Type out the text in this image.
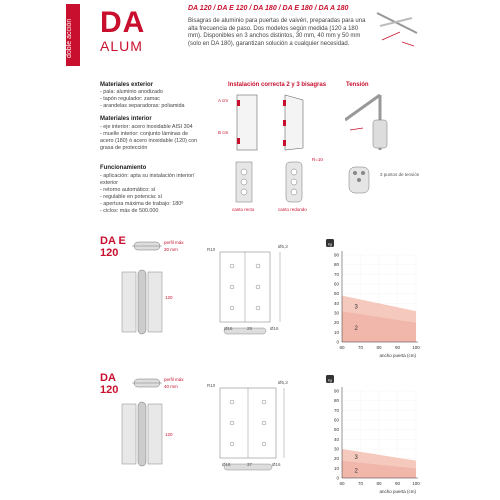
doble acción DA
ALUM
DA 120 / DA E 120 / DA 180 / DA E 180 / DA A 180
Bisagras de aluminio para puertas de vaivén, preparadas para una alta frecuencia de paso. Dos modelos según medida (120 a 180 mm). Disponibles en 3 anchos distintos, 30 mm, 40 mm y 50 mm (solo en DA 180), garantizan solución a cualquier necesidad.
Materiales exterior
- pala: aluminio anodizado
- tapón regulador: zamac
- arandelas separadoras: poliamida
Materiales interior
- eje interior: acero inoxidable AISI 304
- muelle interior: conjunto láminas de
acero (180) ó acero inoxidable (120) con
grasa de protección
Funcionamiento
- aplicación: apta su instalación interior/
exterior
- retorno automático: sí
- regulable en potencia: sí
- apertura máxima de trabajo: 180º
- ciclos: más de 500.000
Instalación correcta 2 y 3 bisagras
A cm
B cm
R=10
canto recto	canto redondo
Tensión
3 puntos de tensión
DA E
120
perfil máx
30 mm
120
R10
Ø5,3
Ø16	25	Ø16
DA
120
perfil máx
40 mm
120
R10
Ø5,3
Ø16	37	Ø16
kg
0
10
20
30
40
50
60
70
80
90
60	70	80	90	100
3
2
ancho puerta (cm)
kg
0
10
20
30
40
50
60
70
80
90
60	70	80	90	100
3
2
ancho puerta (cm)
